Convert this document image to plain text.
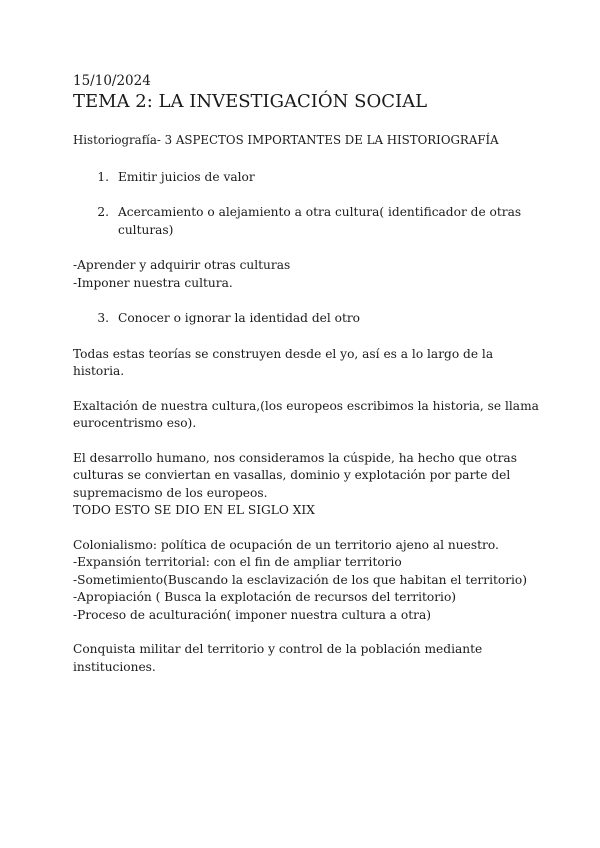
15/10/2024
TEMA 2: LA INVESTIGACIÓN SOCIAL

Historiografía- 3 ASPECTOS IMPORTANTES DE LA HISTORIOGRAFÍA

1. Emitir juicios de valor
2. Acercamiento o alejamiento a otra cultura( identificador de otras culturas)

-Aprender y adquirir otras culturas

-Imponer nuestra cultura.

3. Conocer o ignorar la identidad del otro

Todas estas teorías se construyen desde el yo, así es a lo largo de la historia.

Exaltación de nuestra cultura,(los europeos escribimos la historia, se llama eurocentrismo eso).

El desarrollo humano, nos consideramos la cúspide, ha hecho que otras culturas se conviertan en vasallas, dominio y explotación por parte del supremacismo de los europeos.

TODO ESTO SE DIO EN EL SIGLO XIX

Colonialismo: política de ocupación de un territorio ajeno al nuestro.

-Expansión territorial: con el fin de ampliar territorio

-Sometimiento(Buscando la esclavización de los que habitan el territorio)

-Apropiación ( Busca la explotación de recursos del territorio)

-Proceso de aculturación( imponer nuestra cultura a otra)

Conquista militar del territorio y control de la población mediante instituciones.
